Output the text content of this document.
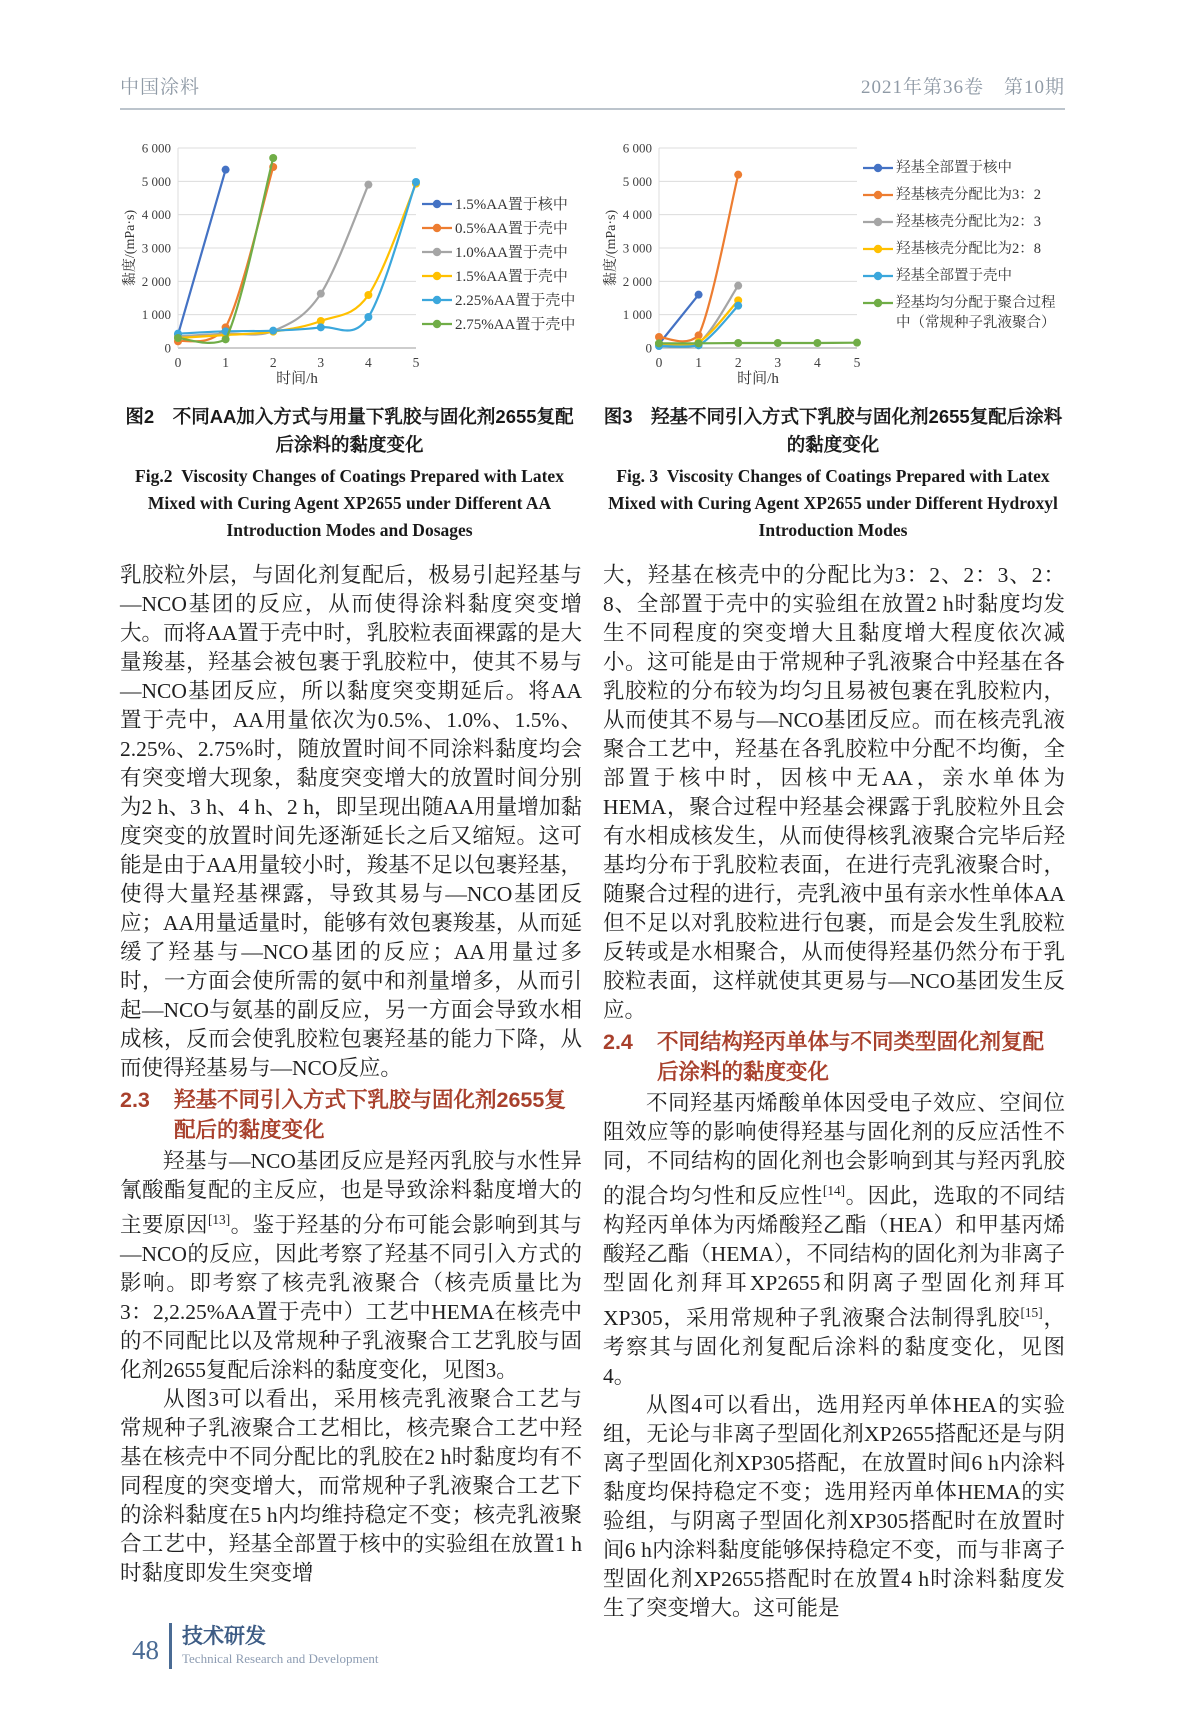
中国涂料	2021年第36卷　第10期
0
1 000
2 000
3 000
4 000
5 000
6 000
0	1	2	3	4	5
时间/h
黏度/(mPa·s)
1.5%AA置于核中
0.5%AA置于壳中
1.0%AA置于壳中
1.5%AA置于壳中
2.25%AA置于壳中
2.75%AA置于壳中
图2　不同AA加入方式与用量下乳胶与固化剂2655复配后涂料的黏度变化
Fig.2 Viscosity Changes of Coatings Prepared with Latex Mixed with Curing Agent XP2655 under Different AA Introduction Modes and Dosages
0
1 000
2 000
3 000
4 000
5 000
6 000
0 1 2 3 4 5
时间/h
黏度/(mPa·s)
羟基全部置于核中
羟基核壳分配比为3：2
羟基核壳分配比为2：3
羟基核壳分配比为2：8
羟基全部置于壳中
羟基均匀分配于聚合过程中（常规种子乳液聚合）
图3　羟基不同引入方式下乳胶与固化剂2655复配后涂料的黏度变化
Fig. 3 Viscosity Changes of Coatings Prepared with Latex Mixed with Curing Agent XP2655 under Different Hydroxyl Introduction Modes

乳胶粒外层，与固化剂复配后，极易引起羟基与—NCO基团的反应，从而使得涂料黏度突变增大。而将AA置于壳中时，乳胶粒表面裸露的是大量羧基，羟基会被包裹于乳胶粒中，使其不易与—NCO基团反应，所以黏度突变期延后。将AA置于壳中，AA用量依次为0.5%、1.0%、1.5%、2.25%、2.75%时，随放置时间不同涂料黏度均会有突变增大现象，黏度突变增大的放置时间分别为2 h、3 h、4 h、2 h，即呈现出随AA用量增加黏度突变的放置时间先逐渐延长之后又缩短。这可能是由于AA用量较小时，羧基不足以包裹羟基，使得大量羟基裸露，导致其易与—NCO基团反应；AA用量适量时，能够有效包裹羧基，从而延缓了羟基与—NCO基团的反应；AA用量过多时，一方面会使所需的氨中和剂量增多，从而引起—NCO与氨基的副反应，另一方面会导致水相成核，反而会使乳胶粒包裹羟基的能力下降，从而使得羟基易与—NCO反应。

2.3	羟基不同引入方式下乳胶与固化剂2655复配后的黏度变化

羟基与—NCO基团反应是羟丙乳胶与水性异氰酸酯复配的主反应，也是导致涂料黏度增大的主要原因[13]。鉴于羟基的分布可能会影响到其与—NCO的反应，因此考察了羟基不同引入方式的影响。即考察了核壳乳液聚合（核壳质量比为3：2,2.25%AA置于壳中）工艺中HEMA在核壳中的不同配比以及常规种子乳液聚合工艺乳胶与固化剂2655复配后涂料的黏度变化，见图3。

从图3可以看出，采用核壳乳液聚合工艺与常规种子乳液聚合工艺相比，核壳聚合工艺中羟基在核壳中不同分配比的乳胶在2 h时黏度均有不同程度的突变增大，而常规种子乳液聚合工艺下的涂料黏度在5 h内均维持稳定不变；核壳乳液聚合工艺中，羟基全部置于核中的实验组在放置1 h时黏度即发生突变增

大，羟基在核壳中的分配比为3：2、2：3、2：8、全部置于壳中的实验组在放置2 h时黏度均发生不同程度的突变增大且黏度增大程度依次减小。这可能是由于常规种子乳液聚合中羟基在各乳胶粒的分布较为均匀且易被包裹在乳胶粒内，从而使其不易与—NCO基团反应。而在核壳乳液聚合工艺中，羟基在各乳胶粒中分配不均衡，全部置于核中时，因核中无AA，亲水单体为HEMA，聚合过程中羟基会裸露于乳胶粒外且会有水相成核发生，从而使得核乳液聚合完毕后羟基均分布于乳胶粒表面，在进行壳乳液聚合时，随聚合过程的进行，壳乳液中虽有亲水性单体AA但不足以对乳胶粒进行包裹，而是会发生乳胶粒反转或是水相聚合，从而使得羟基仍然分布于乳胶粒表面，这样就使其更易与—NCO基团发生反应。

2.4	不同结构羟丙单体与不同类型固化剂复配后涂料的黏度变化

不同羟基丙烯酸单体因受电子效应、空间位阻效应等的影响使得羟基与固化剂的反应活性不同，不同结构的固化剂也会影响到其与羟丙乳胶的混合均匀性和反应性[14]。因此，选取的不同结构羟丙单体为丙烯酸羟乙酯（HEA）和甲基丙烯酸羟乙酯（HEMA），不同结构的固化剂为非离子型固化剂拜耳XP2655和阴离子型固化剂拜耳XP305，采用常规种子乳液聚合法制得乳胶[15]，考察其与固化剂复配后涂料的黏度变化，见图4。

从图4可以看出，选用羟丙单体HEA的实验组，无论与非离子型固化剂XP2655搭配还是与阴离子型固化剂XP305搭配，在放置时间6 h内涂料黏度均保持稳定不变；选用羟丙单体HEMA的实验组，与阴离子型固化剂XP305搭配时在放置时间6 h内涂料黏度能够保持稳定不变，而与非离子型固化剂XP2655搭配时在放置4 h时涂料黏度发生了突变增大。这可能是

48 技术研发
Technical Research and Development
